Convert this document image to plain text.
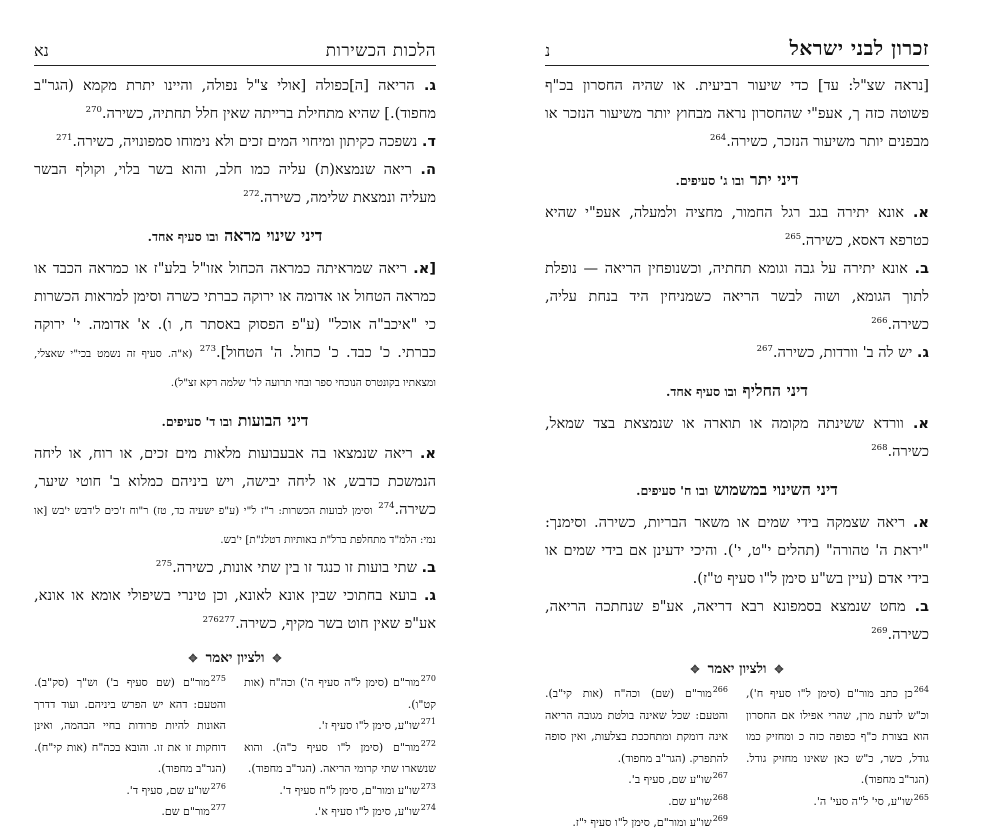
זכרון לבני ישראל
נ

[נראה שצ"ל: עד] כדי שיעור רביעית. או שהיה החסרון בכ"ף פשוטה כזה ך, אעפ"י שהחסרון נראה מבחוץ יותר משיעור הנזכר או מבפנים יותר משיעור הנזכר, כשירה.$^{264}$

דיני יתר ובו ג' סעיפים.

א. אונא יתירה בגב רגל החמור, מחציה ולמעלה, אעפ"י שהיא כטרפא דאסא, כשירה.$^{265}$

ב. אונא יתירה על גבה וגומא תחתיה, וכשנופחין הריאה — נופלת לתוך הגומא, ושוה לבשר הריאה כשמניחין היד בנחת עליה, כשירה.$^{266}$

ג. יש לה ב' וורדות, כשירה.$^{267}$

דיני החליף ובו סעיף אחד.

א. וורדא ששינתה מקומה או תוארה או שנמצאת בצד שמאל, כשירה.$^{268}$

דיני השינוי במשמוש ובו ח' סעיפים.

א. ריאה שצמקה בידי שמים או משאר הבריות, כשירה. וסימנך: "יראת ה' טהורה" (תהלים י"ט, י'). והיכי ידעינן אם בידי שמים או בידי אדם (עיין בש"ע סימן ל"ו סעיף ט"ז).

ב. מחט שנמצא בסמפונא רבא דריאה, אע"פ שנחתכה הריאה, כשירה.$^{269}$

✥
ולציון יאמר
✥

$^{264}$כן כתב מור"ם (סימן ל"ו סעיף ח'), וכ"ש לדעת מרן, שהרי אפילו אם החסרון הוא בצורת כ"ף כפופה כזה כ ומחזיק כמו גודל, כשר, כ"ש כאן שאינו מחזיק גודל. (הגר"ב מחפוד).

$^{265}$שו"ע, סי' ל"ה סעי' ה'.

$^{266}$מור"ם (שם) וכה"ח (אות קי"ב). והטעם: שכל שאינה בולטת מגובה הריאה אינה דומקת ומתחככת בצלעות, ואין סופה להתפרק. (הגר"ב מחפוד).

$^{267}$שו"ע שם, סעיף ב'.

$^{268}$שו"ע שם.

$^{269}$שו"ע ומור"ם, סימן ל"ו סעיף י"ז.

הלכות הכשירות
נא

ג. הריאה [ה]כפולה [אולי צ"ל נפולה, והיינו יתרת מקמא (הגר"ב מחפוד).] שהיא מתחילת ברייתה שאין חלל תחתיה, כשירה.$^{270}$

ד. נשפכה כקיתון ומיחוי המים זכים ולא נימוחו סמפונויה, כשירה.$^{271}$

ה. ריאה שנמצא(ת) עליה כמו חלב, והוא בשר בלוי, וקולף הבשר מעליה ונמצאת שלימה, כשירה.$^{272}$

דיני שינוי מראה ובו סעיף אחד.

[א. ריאה שמראיתה כמראה הכחול אזו"ל בלע"ז או כמראה הכבד או כמראה הטחול או אדומה או ירוקה כברתי כשרה וסימן למראות הכשרות כי "איכב"ה אוכל" (ע"פ הפסוק באסתר ח, ו). א' אדומה. י' ירוקה כברתי. כ' כבד. כ' כחול. ה' הטחול].$^{273}$ (א"ה. סעיף זה נשמט בכי"י שאצלי, ומצאתיו בקונטרס הנוכחי ספר ובחי תרועה לר' שלמה רקא זצ"ל).

דיני הבועות ובו ד' סעיפים.

א. ריאה שנמצאו בה אבעבועות מלאות מים זכים, או רוח, או ליחה הנמשכת כדבש, או ליחה יבישה, ויש ביניהם כמלוא ב' חוטי שיער, כשירה.$^{274}$ וסימן לבועות הכשרות: ר"ז ל"י (ע"פ ישעיה כד, טז) ר"וח ז'כים ל'דבש י'בש [או נמי: הלמ"ד מתחלפת ברל"ת באותיות דטלנ"ת] י'בש.

ב. שתי בועות זו כנגד זו בין שתי אונות, כשירה.$^{275}$

ג. בועא בחתוכי שבין אונא לאונא, וכן טינרי בשיפולי אומא או אונא, אע"פ שאין חוט בשר מקיף, כשירה.$^{276277}$

✥
ולציון יאמר
✥

$^{270}$מור"ם (סימן ל"ה סעיף ה') וכה"ח (אות קט"ו).

$^{271}$שו"ע, סימן ל"ו סעיף ז'.

$^{272}$מור"ם (סימן ל"ו סעיף כ"ה). והוא שנשארו שתי קרומי הריאה. (הגר"ב מחפוד).

$^{273}$שו"ע ומור"ם, סימן ל"ח סעיף ד'.

$^{274}$שו"ע, סימן ל"ו סעיף א'.

$^{275}$מור"ם (שם סעיף ב') וש"ך (סק"ב). והטעם: דהא יש הפרש ביניהם. ועוד דדרך האונות להיות פרודות בחיי הבהמה, ואינן דוחקות זו את זו. והובא בכה"ח (אות קי"ח). (הגר"ב מחפוד).

$^{276}$שו"ע שם, סעיף ד'.

$^{277}$מור"ם שם.
